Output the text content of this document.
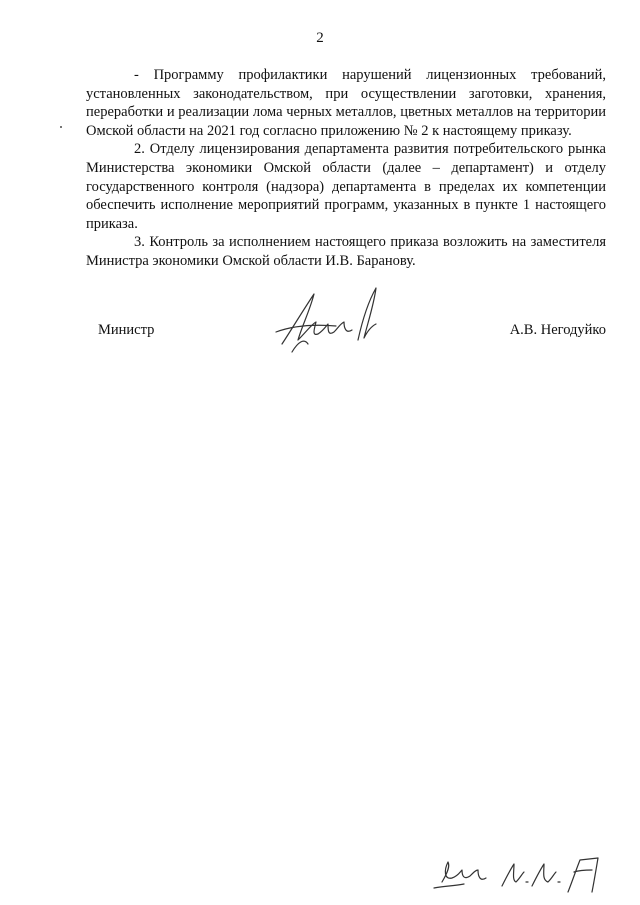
2

- Программу профилактики нарушений лицензионных требований, установленных законодательством, при осуществлении заготовки, хранения, переработки и реализации лома черных металлов, цветных металлов на территории Омской области на 2021 год согласно приложению № 2 к настоящему приказу.

2. Отделу лицензирования департамента развития потребительского рынка Министерства экономики Омской области (далее – департамент) и отделу государственного контроля (надзора) департамента в пределах их компетенции обеспечить исполнение мероприятий программ, указанных в пункте 1 настоящего приказа.

3. Контроль за исполнением настоящего приказа возложить на заместителя Министра экономики Омской области И.В. Баранову.

Министр	А.В. Негодуйко
